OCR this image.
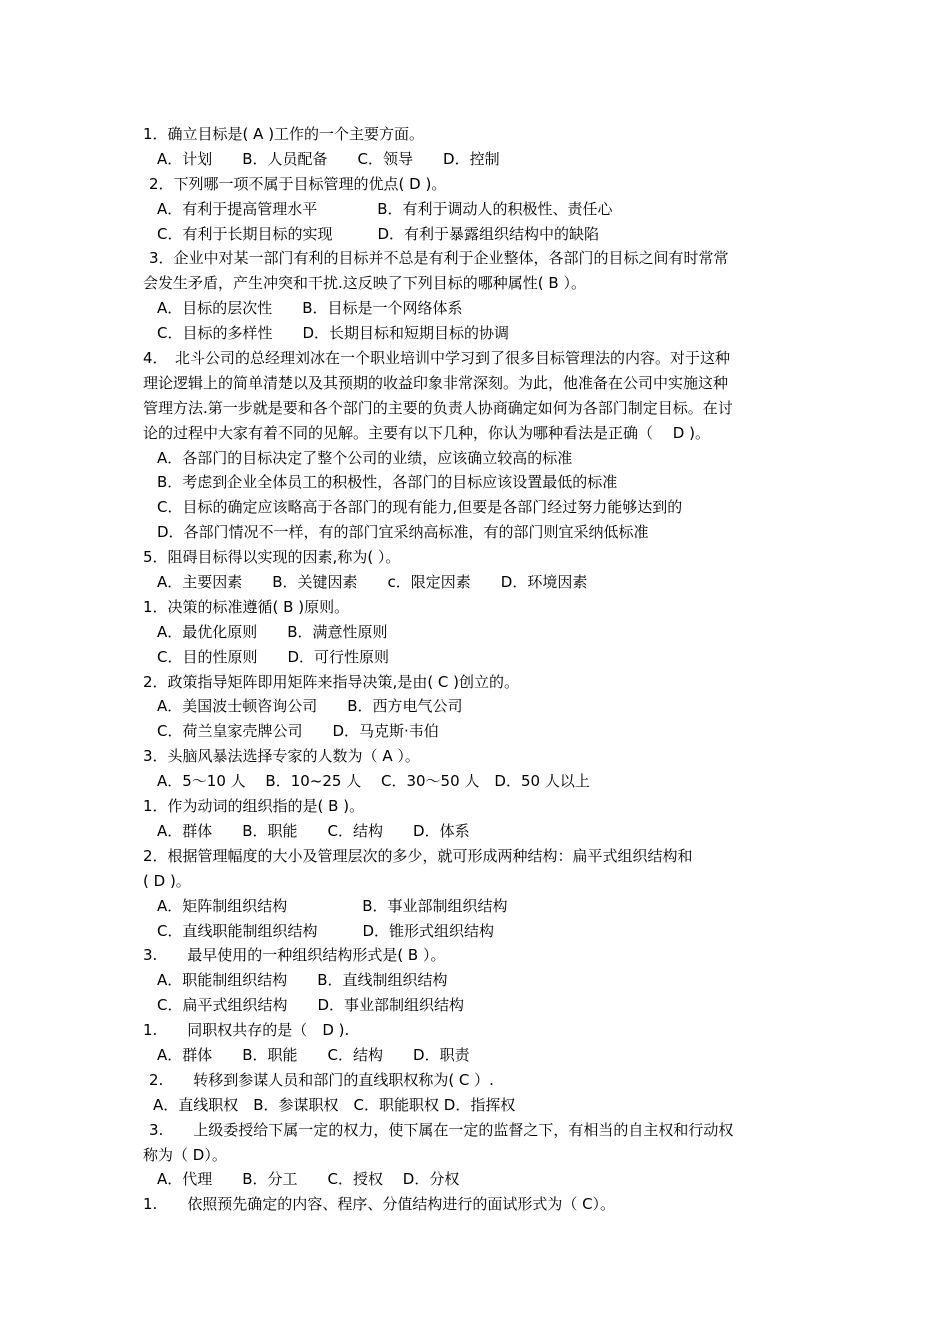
1．确立目标是( A )工作的一个主要方面。
A．计划　　B．人员配备　　C．领导　　D．控制
2．下列哪一项不属于目标管理的优点( D )。
A．有利于提高管理水平　　　　B．有利于调动人的积极性、责任心
C．有利于长期目标的实现　　　D．有利于暴露组织结构中的缺陷
3．企业中对某一部门有利的目标并不总是有利于企业整体，各部门的目标之间有时常常
会发生矛盾，产生冲突和干扰.这反映了下列目标的哪种属性( B ）。
A．目标的层次性　　B．目标是一个网络体系
C．目标的多样性　　D．长期目标和短期目标的协调
4．　北斗公司的总经理刘冰在一个职业培训中学习到了很多目标管理法的内容。对于这种
理论逻辑上的简单清楚以及其预期的收益印象非常深刻。为此，他准备在公司中实施这种
管理方法.第一步就是要和各个部门的主要的负责人协商确定如何为各部门制定目标。在讨
论的过程中大家有着不同的见解。主要有以下几种，你认为哪种看法是正确（　 D )。
A．各部门的目标决定了整个公司的业绩，应该确立较高的标准
B．考虑到企业全体员工的积极性，各部门的目标应该设置最低的标准
C．目标的确定应该略高于各部门的现有能力,但要是各部门经过努力能够达到的
D．各部门情况不一样，有的部门宜采纳高标准，有的部门则宜采纳低标准
5．阻碍目标得以实现的因素,称为( ）。
A．主要因素　　B．关键因素　　c．限定因素　　D．环境因素
1．决策的标准遵循( B )原则。
A．最优化原则　　B．满意性原则
C．目的性原则　　D．可行性原则
2．政策指导矩阵即用矩阵来指导决策,是由( C )创立的。
A．美国波士顿咨询公司　　B．西方电气公司
C．荷兰皇家壳牌公司　　D．马克斯·韦伯
3．头脑风暴法选择专家的人数为（ A ）。
A．5～10 人　 B．10~25 人　 C．30～50 人　D．50 人以上
1．作为动词的组织指的是( B )。
A．群体　　B．职能　　C．结构　　D．体系
2．根据管理幅度的大小及管理层次的多少，就可形成两种结构：扁平式组织结构和
( D )。
A．矩阵制组织结构　　　　　B．事业部制组织结构
C．直线职能制组织结构　　　D．锥形式组织结构
3.　　最早使用的一种组织结构形式是( B ）。
A．职能制组织结构　　B．直线制组织结构
C．扁平式组织结构　　D．事业部制组织结构
1.　　同职权共存的是（　D ).
A．群体　　B．职能　　C．结构　　D．职责
2.　　转移到参谋人员和部门的直线职权称为( C ）.
A．直线职权　B．参谋职权　C．职能职权 D．指挥权
3.　　上级委授给下属一定的权力，使下属在一定的监督之下，有相当的自主权和行动权
称为（ D）。
A．代理　　B．分工　　C．授权　 D．分权
1.　　依照预先确定的内容、程序、分值结构进行的面试形式为（ C）。
